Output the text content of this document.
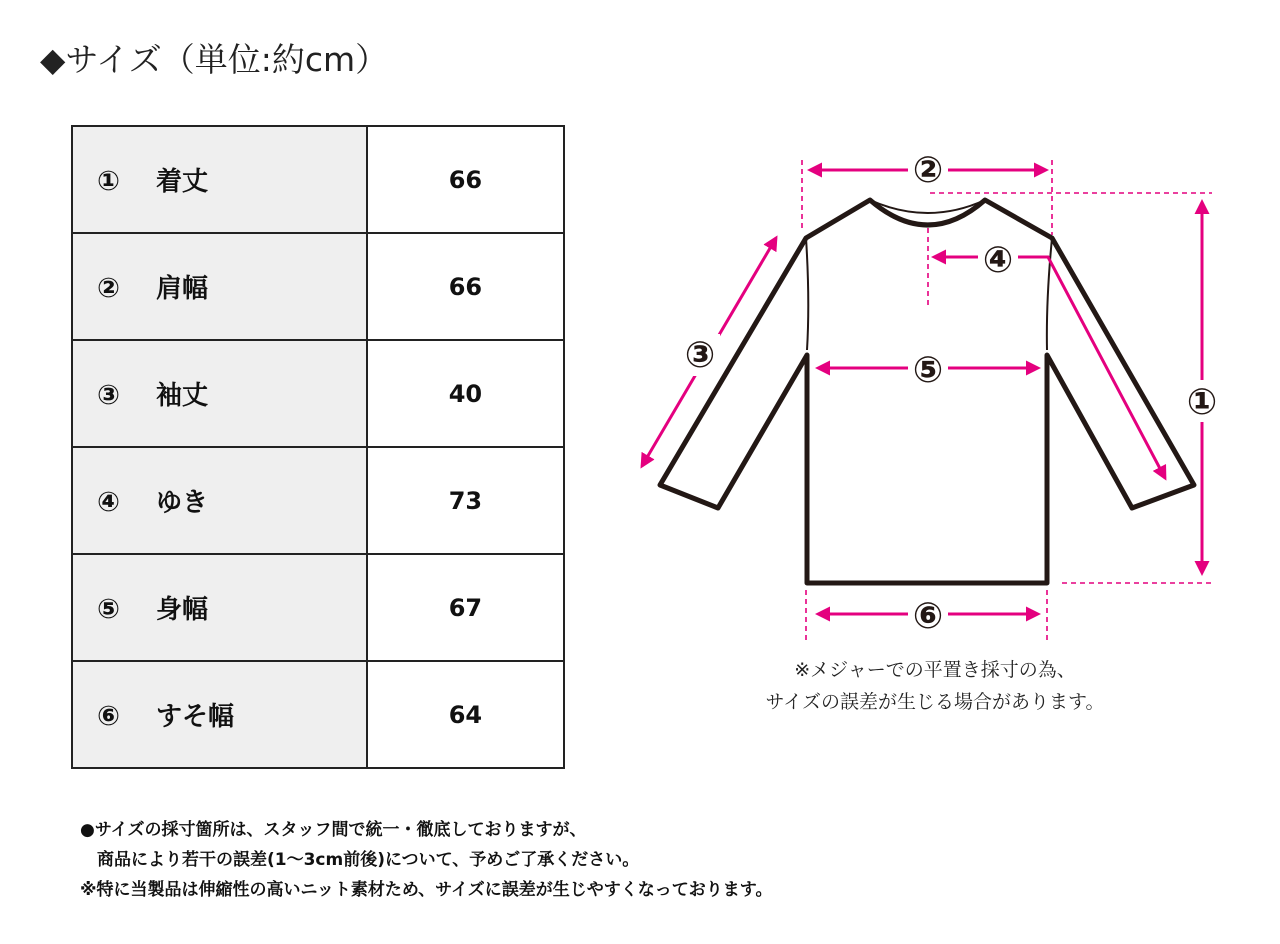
◆サイズ（単位:約cm）
① 着丈	66
② 肩幅	66
③ 袖丈	40
④ ゆき	73
⑤ 身幅	67
⑥ すそ幅	64
②
①
③
④
⑤
⑥
※メジャーでの平置き採寸の為、
サイズの誤差が生じる場合があります。
●サイズの採寸箇所は、スタッフ間で統一・徹底しておりますが、
　商品により若干の誤差(1～3cm前後)について、予めご了承ください。
※特に当製品は伸縮性の高いニット素材ため、サイズに誤差が生じやすくなっております。
